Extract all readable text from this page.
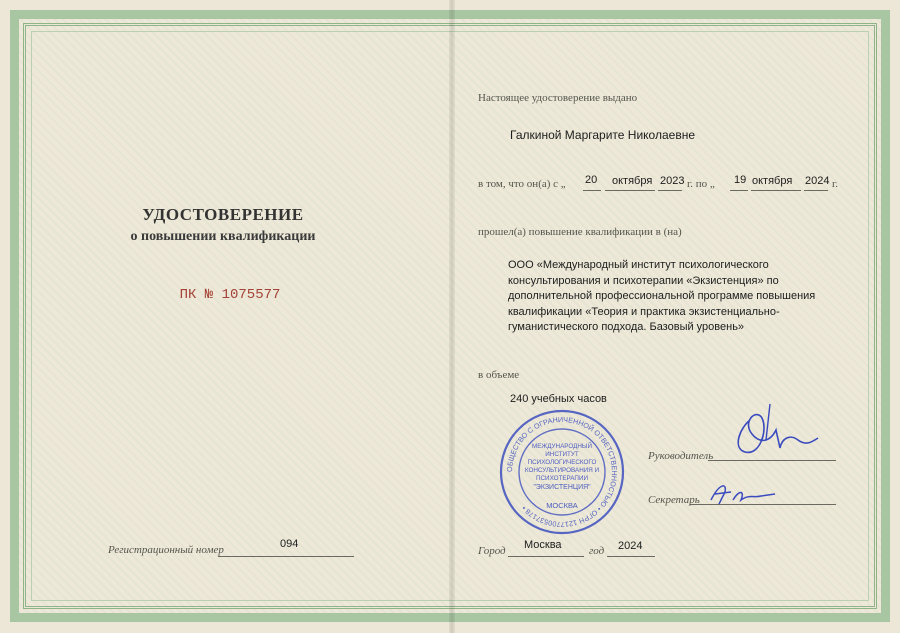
УДОСТОВЕРЕНИЕ
о повышении квалификации
ПК № 1075577
Регистрационный номер	094
Настоящее удостоверение выдано
Галкиной Маргарите Николаевне
в том, что он(а) с „ 20 октября 2023 г. по „ 19 октября 2024 г.
прошел(а) повышение квалификации в (на)
ООО «Международный институт психологического
консультирования и психотерапии «Экзистенция» по
дополнительной профессиональной программе повышения
квалификации «Теория и практика экзистенциально-
гуманистического подхода. Базовый уровень»
в объеме
240 учебных часов
Руководитель
Секретарь
ОБЩЕСТВО С ОГРАНИЧЕННОЙ ОТВЕТСТВЕННОСТЬЮ • ОГРН 1217700537178 •
МЕЖДУНАРОДНЫЙ
ИНСТИТУТ
ПСИХОЛОГИЧЕСКОГО
КОНСУЛЬТИРОВАНИЯ И
ПСИХОТЕРАПИИ
"ЭКЗИСТЕНЦИЯ"
МОСКВА
Город Москва год 2024
